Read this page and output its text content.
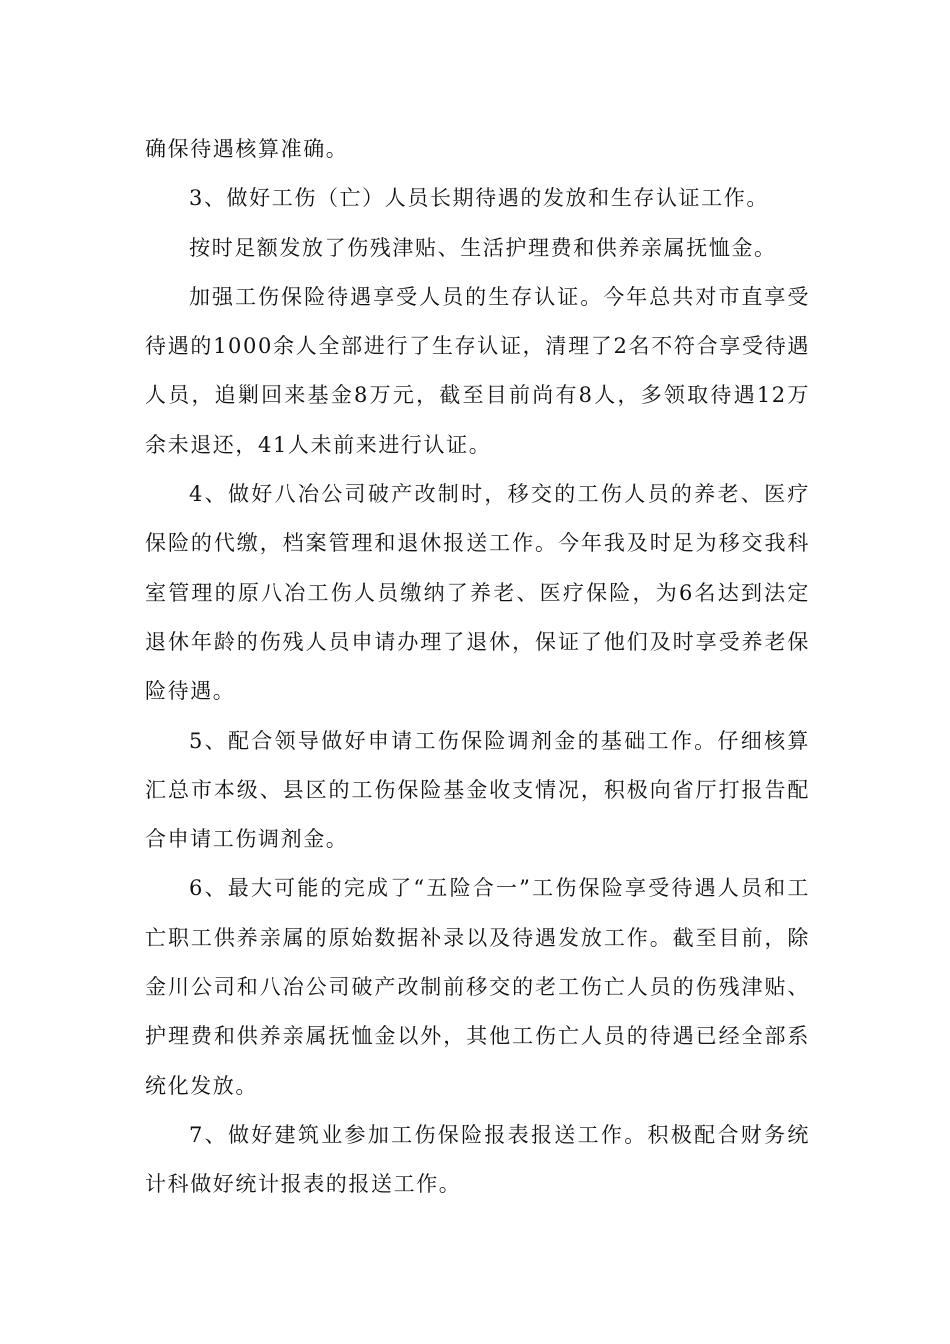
确保待遇核算准确。

3、做好工伤（亡）人员长期待遇的发放和生存认证工作。

按时足额发放了伤残津贴、生活护理费和供养亲属抚恤金。

加强工伤保险待遇享受人员的生存认证。今年总共对市直享受待遇的1000余人全部进行了生存认证，清理了2名不符合享受待遇人员，追剿回来基金8万元，截至目前尚有8人，多领取待遇12万余未退还，41人未前来进行认证。

4、做好八冶公司破产改制时，移交的工伤人员的养老、医疗保险的代缴，档案管理和退休报送工作。今年我及时足为移交我科室管理的原八冶工伤人员缴纳了养老、医疗保险，为6名达到法定退休年龄的伤残人员申请办理了退休，保证了他们及时享受养老保险待遇。

5、配合领导做好申请工伤保险调剂金的基础工作。仔细核算汇总市本级、县区的工伤保险基金收支情况，积极向省厅打报告配合申请工伤调剂金。

6、最大可能的完成了“五险合一”工伤保险享受待遇人员和工亡职工供养亲属的原始数据补录以及待遇发放工作。截至目前，除金川公司和八冶公司破产改制前移交的老工伤亡人员的伤残津贴、护理费和供养亲属抚恤金以外，其他工伤亡人员的待遇已经全部系统化发放。

7、做好建筑业参加工伤保险报表报送工作。积极配合财务统计科做好统计报表的报送工作。
